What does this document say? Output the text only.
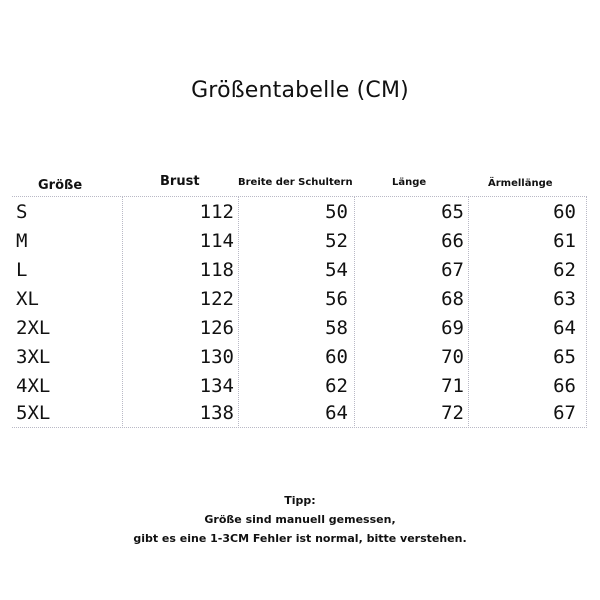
Größentabelle (CM)
Größe	Brust	Breite der Schultern	Länge	Ärmellänge
S	112	50	65	60
M	114	52	66	61
L	118	54	67	62
XL	122	56	68	63
2XL	126	58	69	64
3XL	130	60	70	65
4XL	134	62	71	66
5XL	138	64	72	67
Tipp:
Größe sind manuell gemessen,
gibt es eine 1-3CM Fehler ist normal, bitte verstehen.
